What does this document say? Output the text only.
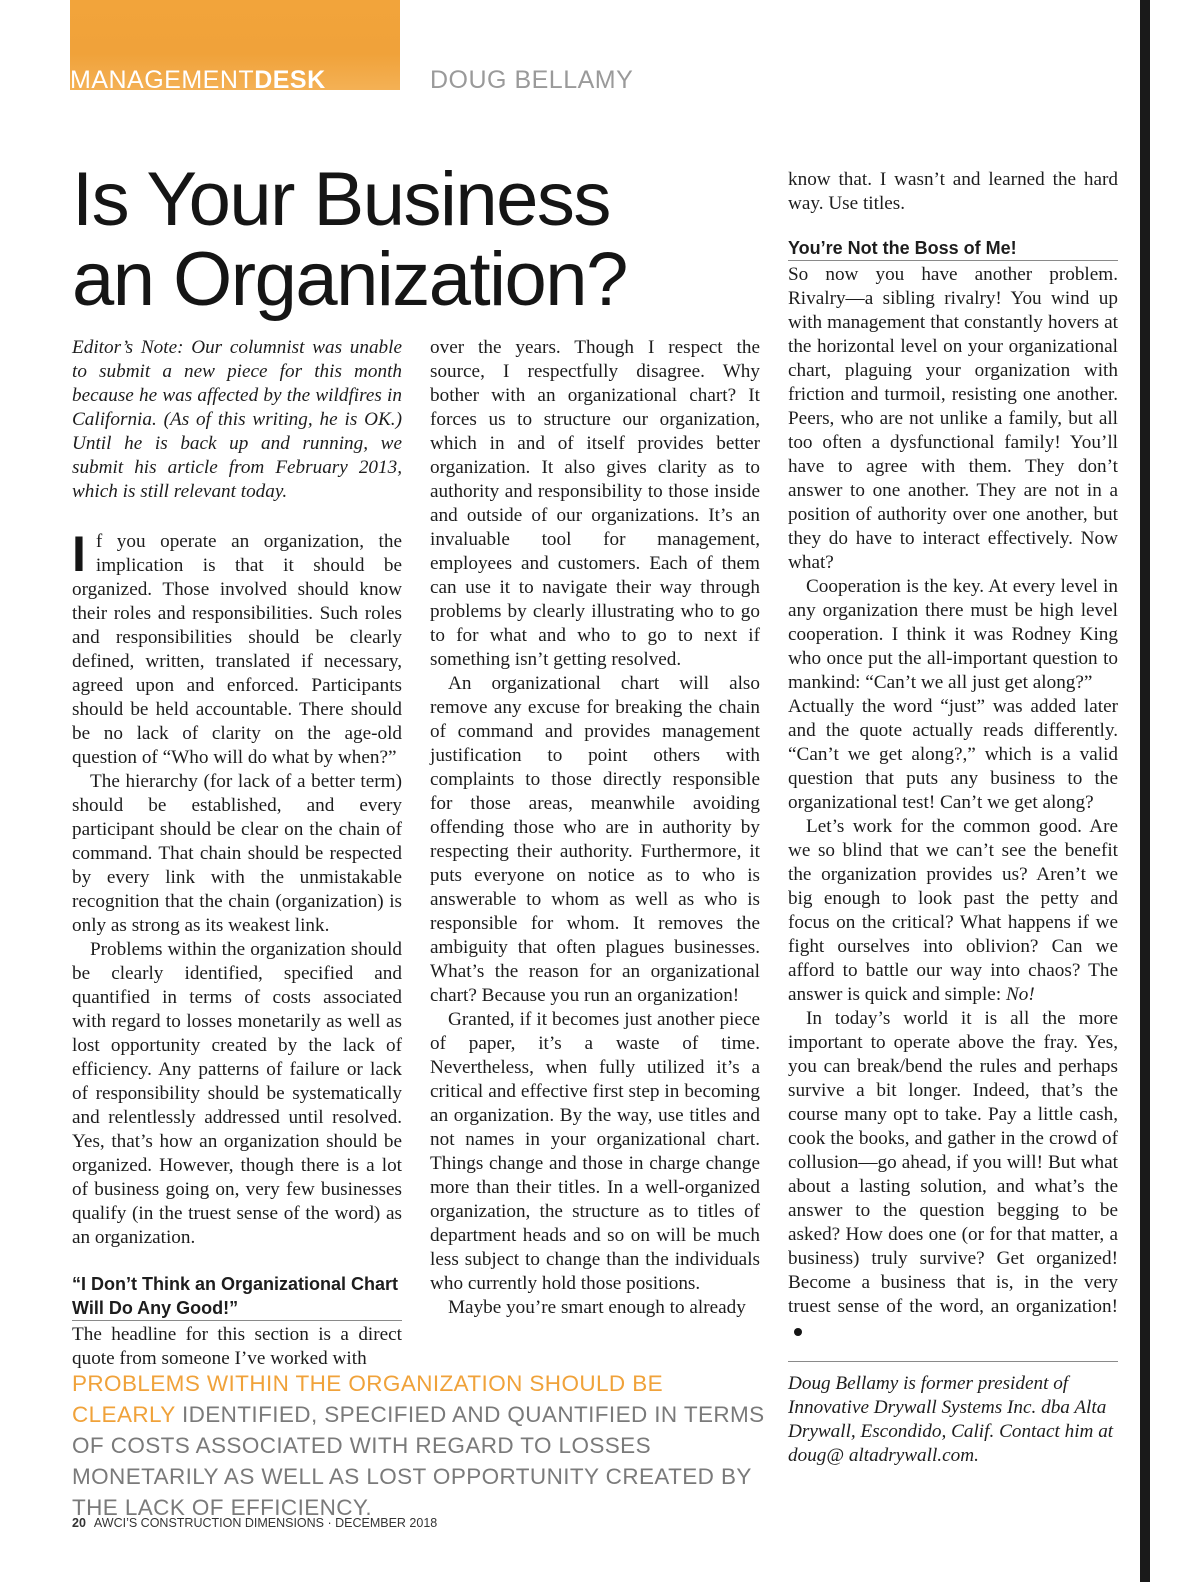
MANAGEMENTDESK	DOUG BELLAMY

Is Your Business
an Organization?

Editor’s Note: Our columnist was unable to submit a new piece for this month because he was affected by the wildfires in California. (As of this writing, he is OK.) Until he is back up and running, we submit his article from February 2013, which is still relevant today.

If you operate an organization, the implication is that it should be organized. Those involved should know their roles and responsibilities. Such roles and responsibilities should be clearly defined, written, translated if necessary, agreed upon and enforced. Participants should be held accountable. There should be no lack of clarity on the age-old question of “Who will do what by when?”

The hierarchy (for lack of a better term) should be established, and every participant should be clear on the chain of command. That chain should be respected by every link with the unmistakable recognition that the chain (organization) is only as strong as its weakest link.

Problems within the organization should be clearly identified, specified and quantified in terms of costs associated with regard to losses monetarily as well as lost opportunity created by the lack of efficiency. Any patterns of failure or lack of responsibility should be systematically and relentlessly addressed until resolved. Yes, that’s how an organization should be organized. However, though there is a lot of business going on, very few businesses qualify (in the truest sense of the word) as an organization.

“I Don’t Think an Organizational Chart Will Do Any Good!”

The headline for this section is a direct quote from someone I’ve worked with

over the years. Though I respect the source, I respectfully disagree. Why bother with an organizational chart? It forces us to structure our organization, which in and of itself provides better organization. It also gives clarity as to authority and responsibility to those inside and outside of our organizations. It’s an invaluable tool for management, employees and customers. Each of them can use it to navigate their way through problems by clearly illustrating who to go to for what and who to go to next if something isn’t getting resolved.

An organizational chart will also remove any excuse for breaking the chain of command and provides management justification to point others with complaints to those directly responsible for those areas, meanwhile avoiding offending those who are in authority by respecting their authority. Furthermore, it puts everyone on notice as to who is answerable to whom as well as who is responsible for whom. It removes the ambiguity that often plagues businesses. What’s the reason for an organizational chart? Because you run an organization!

Granted, if it becomes just another piece of paper, it’s a waste of time. Nevertheless, when fully utilized it’s a critical and effective first step in becoming an organization. By the way, use titles and not names in your organizational chart. Things change and those in charge change more than their titles. In a well-organized organization, the structure as to titles of department heads and so on will be much less subject to change than the individuals who currently hold those positions.

Maybe you’re smart enough to already

know that. I wasn’t and learned the hard way. Use titles.

You’re Not the Boss of Me!

So now you have another problem. Rivalry—a sibling rivalry! You wind up with management that constantly hovers at the horizontal level on your organizational chart, plaguing your organization with friction and turmoil, resisting one another. Peers, who are not unlike a family, but all too often a dysfunctional family! You’ll have to agree with them. They don’t answer to one another. They are not in a position of authority over one another, but they do have to interact effectively. Now what?

Cooperation is the key. At every level in any organization there must be high level cooperation. I think it was Rodney King who once put the all-important question to mankind: “Can’t we all just get along?”

Actually the word “just” was added later and the quote actually reads differently. “Can’t we get along?,” which is a valid question that puts any business to the organizational test! Can’t we get along?

Let’s work for the common good. Are we so blind that we can’t see the benefit the organization provides us? Aren’t we big enough to look past the petty and focus on the critical? What happens if we fight ourselves into oblivion? Can we afford to battle our way into chaos? The answer is quick and simple: No!

In today’s world it is all the more important to operate above the fray. Yes, you can break/bend the rules and perhaps survive a bit longer. Indeed, that’s the course many opt to take. Pay a little cash, cook the books, and gather in the crowd of collusion—go ahead, if you will! But what about a lasting solution, and what’s the answer to the question begging to be asked? How does one (or for that matter, a business) truly survive? Get organized! Become a business that is, in the very truest sense of the word, an organization!

Doug Bellamy is former president of Innovative Drywall Systems Inc. dba Alta Drywall, Escondido, Calif. Contact him at doug@ altadrywall.com.

PROBLEMS WITHIN THE ORGANIZATION SHOULD BE CLEARLY IDENTIFIED, SPECIFIED AND QUANTIFIED IN TERMS OF COSTS ASSOCIATED WITH REGARD TO LOSSES MONETARILY AS WELL AS LOST OPPORTUNITY CREATED BY THE LACK OF EFFICIENCY.

20 AWCI’S CONSTRUCTION DIMENSIONS · DECEMBER 2018
